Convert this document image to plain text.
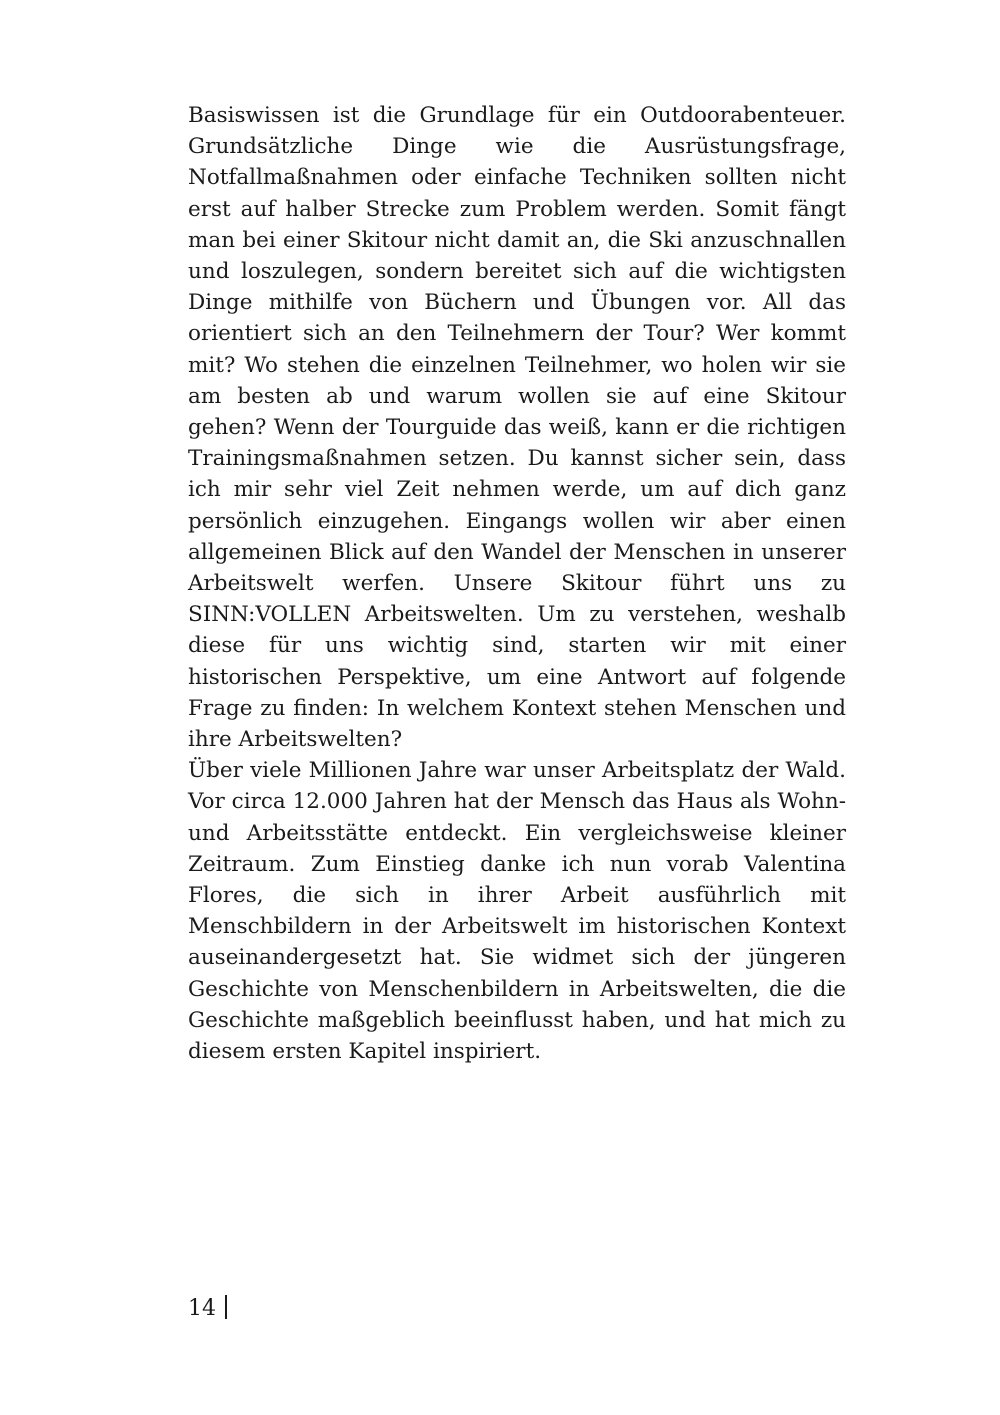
Basiswissen ist die Grundlage für ein Outdoorabenteuer. Grundsätzliche Dinge wie die Ausrüstungsfrage, Notfallmaßnahmen oder einfache Techniken sollten nicht erst auf halber Strecke zum Problem werden. Somit fängt man bei einer Skitour nicht damit an, die Ski anzuschnallen und loszulegen, sondern bereitet sich auf die wichtigsten Dinge mithilfe von Büchern und Übungen vor. All das orientiert sich an den Teilnehmern der Tour? Wer kommt mit? Wo stehen die einzelnen Teilnehmer, wo holen wir sie am besten ab und warum wollen sie auf eine Skitour gehen? Wenn der Tourguide das weiß, kann er die richtigen Trainingsmaßnahmen setzen. Du kannst sicher sein, dass ich mir sehr viel Zeit nehmen werde, um auf dich ganz persönlich einzugehen. Eingangs wollen wir aber einen allgemeinen Blick auf den Wandel der Menschen in unserer Arbeitswelt werfen. Unsere Skitour führt uns zu SINN:VOLLEN Arbeitswelten. Um zu verstehen, weshalb diese für uns wichtig sind, starten wir mit einer historischen Perspektive, um eine Antwort auf folgende Frage zu finden: In welchem Kontext stehen Menschen und ihre Arbeitswelten?

Über viele Millionen Jahre war unser Arbeitsplatz der Wald. Vor circa 12.000 Jahren hat der Mensch das Haus als Wohn- und Arbeitsstätte entdeckt. Ein vergleichsweise kleiner Zeitraum. Zum Einstieg danke ich nun vorab Valentina Flores, die sich in ihrer Arbeit ausführlich mit Menschbildern in der Arbeitswelt im historischen Kontext auseinandergesetzt hat. Sie widmet sich der jüngeren Geschichte von Menschenbildern in Arbeitswelten, die die Geschichte maßgeblich beeinflusst haben, und hat mich zu diesem ersten Kapitel inspiriert.

14
